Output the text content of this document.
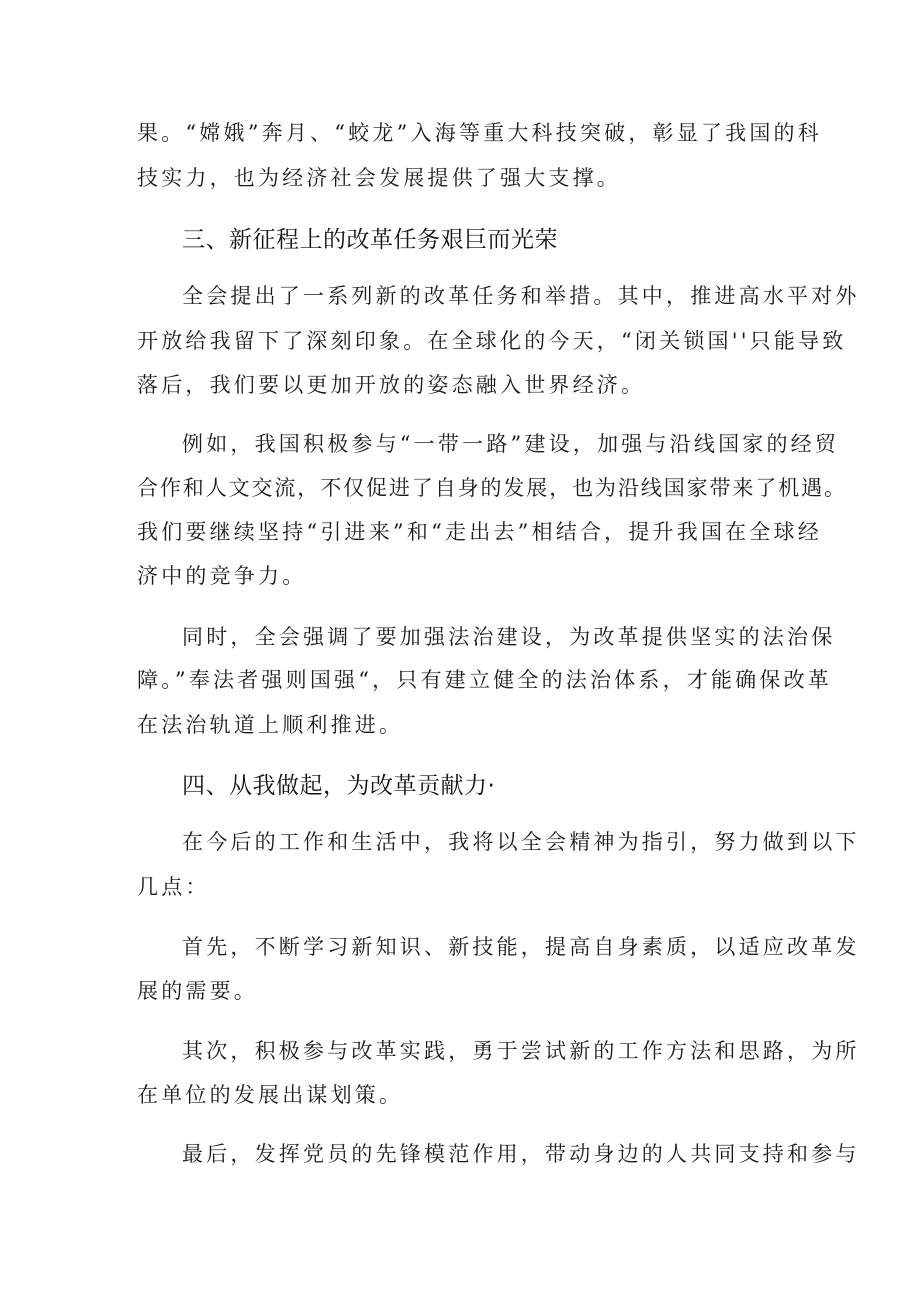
果。“嫦娥”奔月、“蛟龙”入海等重大科技突破，彰显了我国的科
技实力，也为经济社会发展提供了强大支撑。
三、新征程上的改革任务艰巨而光荣
全会提出了一系列新的改革任务和举措。其中，推进高水平对外
开放给我留下了深刻印象。在全球化的今天，“闭关锁国''只能导致
落后，我们要以更加开放的姿态融入世界经济。
例如，我国积极参与“一带一路”建设，加强与沿线国家的经贸
合作和人文交流，不仅促进了自身的发展，也为沿线国家带来了机遇。
我们要继续坚持“引进来”和“走出去”相结合，提升我国在全球经
济中的竞争力。
同时，全会强调了要加强法治建设，为改革提供坚实的法治保
障。”奉法者强则国强“，只有建立健全的法治体系，才能确保改革
在法治轨道上顺利推进。
四、从我做起，为改革贡献力·
在今后的工作和生活中，我将以全会精神为指引，努力做到以下
几点：
首先，不断学习新知识、新技能，提高自身素质，以适应改革发
展的需要。
其次，积极参与改革实践，勇于尝试新的工作方法和思路，为所
在单位的发展出谋划策。
最后，发挥党员的先锋模范作用，带动身边的人共同支持和参与
